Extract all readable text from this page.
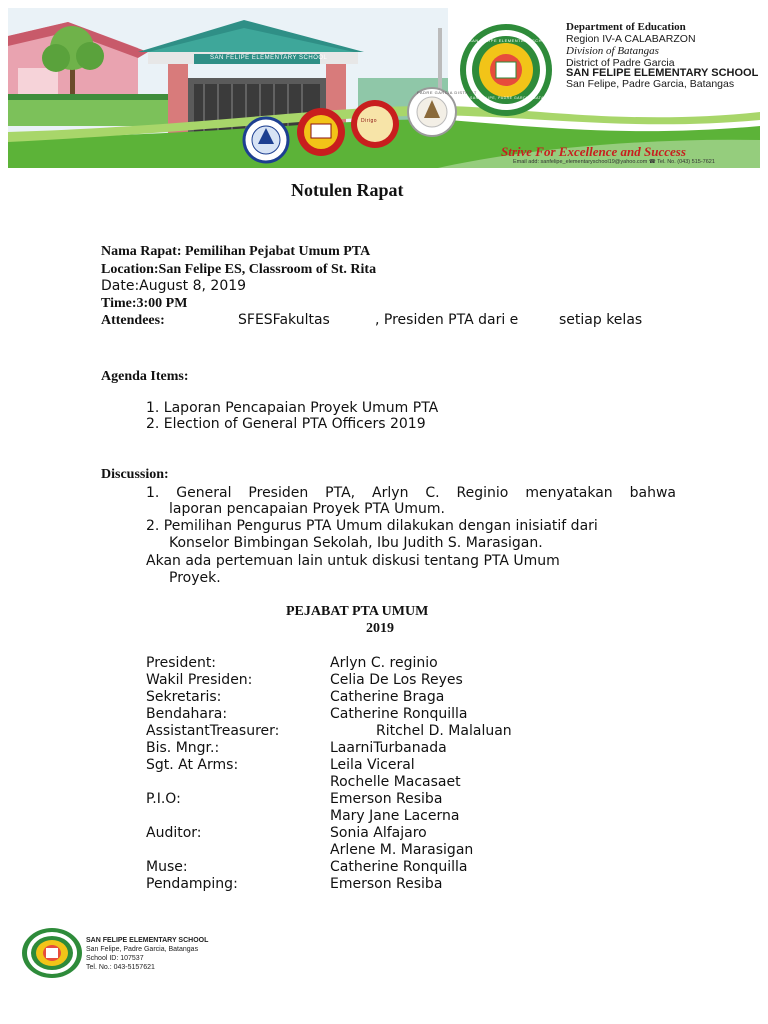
SAN FELIPE ELEMENTARY SCHOOL
Dirigo
PADRE GARCIA DISTRICT
SAN FELIPE ELEMENTARY SCHOOL
SAN FELIPE, PADRE GARCIA, BATANGAS
Department of Education
Region IV-A CALABARZON
Division of Batangas
District of Padre Garcia
SAN FELIPE ELEMENTARY SCHOOL
San Felipe, Padre Garcia, Batangas
Strive For Excellence and Success
Email add: sanfelipe_elementaryschool19@yahoo.com ☎ Tel. No. (043) 515-7621
Notulen Rapat
Nama Rapat: Pemilihan Pejabat Umum PTA
Location:San Felipe ES, Classroom of St. Rita
Date:August 8, 2019
Time:3:00 PM
Attendees:	SFESFakultas	, Presiden PTA dari e	setiap kelas
Agenda Items:
1. Laporan Pencapaian Proyek Umum PTA
2. Election of General PTA Officers 2019
Discussion:
1. General Presiden PTA, Arlyn C. Reginio menyatakan bahwa
laporan pencapaian Proyek PTA Umum.
2. Pemilihan Pengurus PTA Umum dilakukan dengan inisiatif dari
Konselor Bimbingan Sekolah, Ibu Judith S. Marasigan.
Akan ada pertemuan lain untuk diskusi tentang PTA Umum
Proyek.
PEJABAT PTA UMUM
2019
President:	Arlyn C. reginio
Wakil Presiden:	Celia De Los Reyes
Sekretaris:	Catherine Braga
Bendahara:	Catherine Ronquilla
AssistantTreasurer:	Ritchel D. Malaluan
Bis. Mngr.:	LaarniTurbanada
Sgt. At Arms:	Leila Viceral
Rochelle Macasaet
P.I.O:	Emerson Resiba
Mary Jane Lacerna
Auditor:	Sonia Alfajaro
Arlene M. Marasigan
Muse:	Catherine Ronquilla
Pendamping:	Emerson Resiba
SAN FELIPE ELEMENTARY SCHOOL
San Felipe, Padre Garcia, Batangas
School ID: 107537
Tel. No.: 043-5157621
